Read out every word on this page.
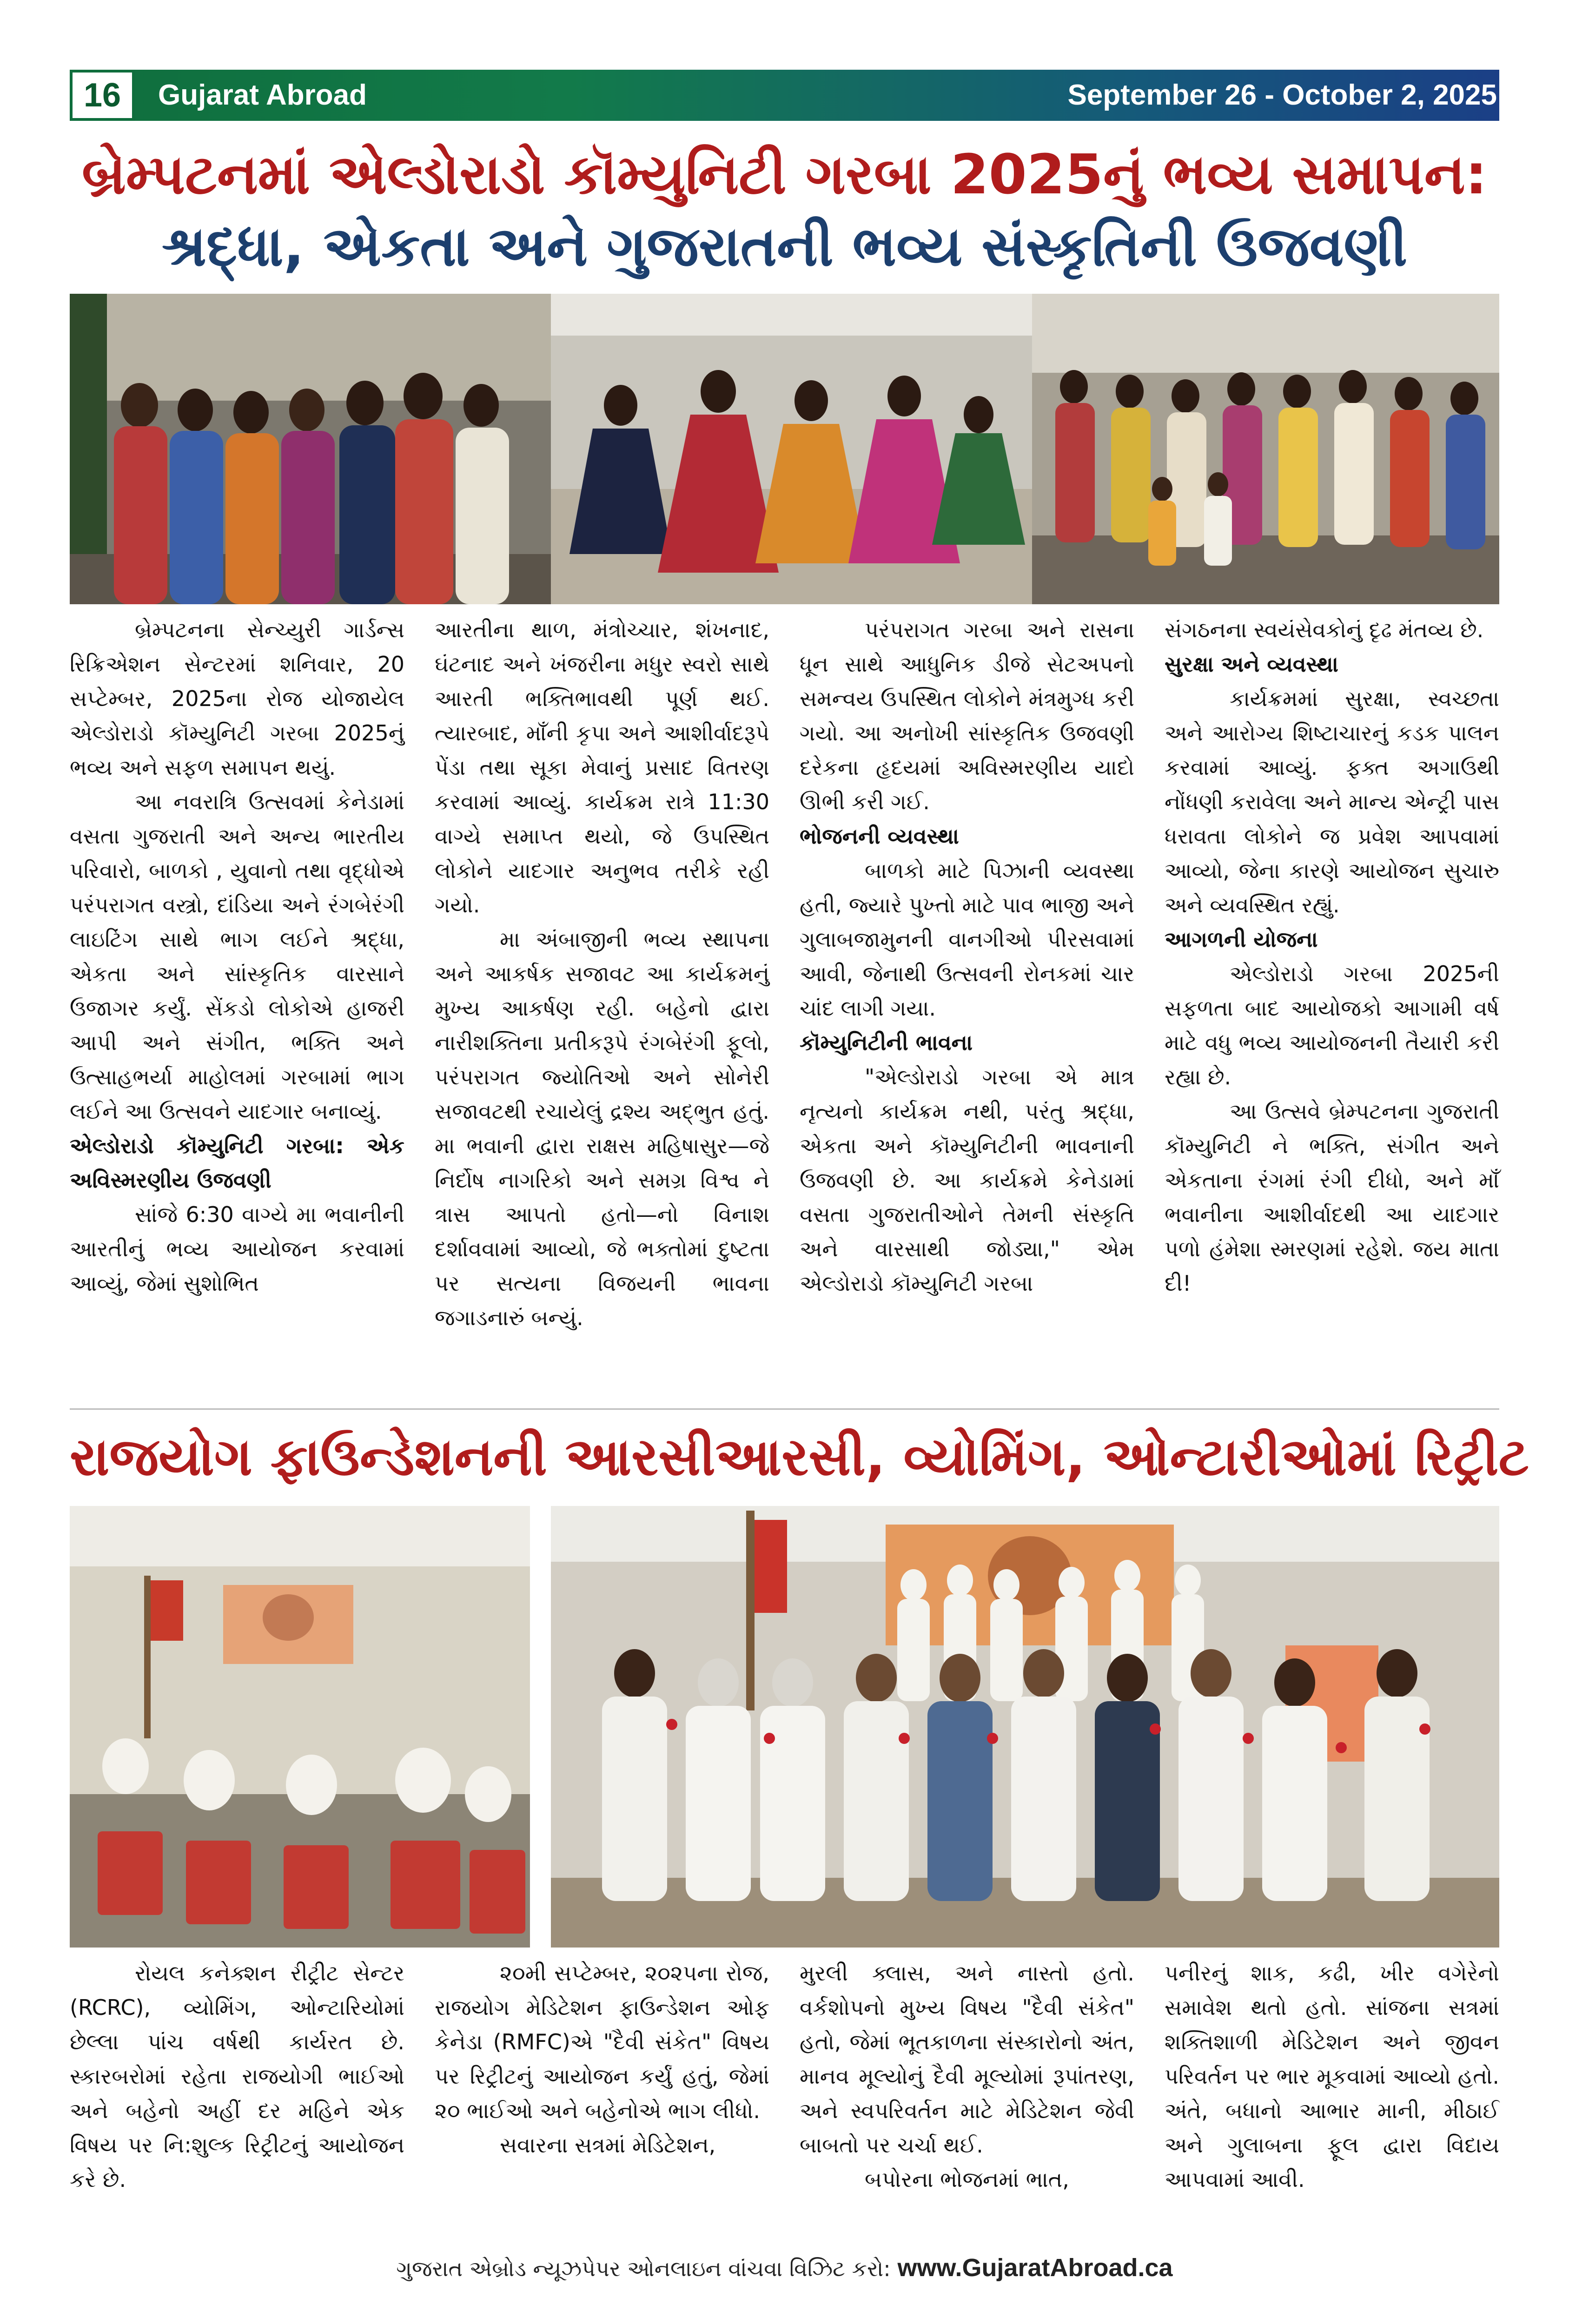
16	Gujarat Abroad	September 26 - October 2, 2025
બ્રેમ્પટનમાં એલ્ડોરાડો કૉમ્યુનિટી ગરબા 2025નું ભવ્ય સમાપન:
શ્રદ્ધા, એકતા અને ગુજરાતની ભવ્ય સંસ્કૃતિની ઉજવણી

બ્રેમ્પટનના સેન્ચ્યુરી ગાર્ડન્સ રિક્રિએશન સેન્ટરમાં શનિવાર, 20 સપ્ટેમ્બર, 2025ના રોજ યોજાયેલ એલ્ડોરાડો કૉમ્યુનિટી ગરબા 2025નું ભવ્ય અને સફળ સમાપન થયું.

આ નવરાત્રિ ઉત્સવમાં કેનેડામાં વસતા ગુજરાતી અને અન્ય ભારતીય પરિવારો, બાળકો , યુવાનો તથા વૃદ્ધોએ પરંપરાગત વસ્ત્રો, દાંડિયા અને રંગબેરંગી લાઇટિંગ સાથે ભાગ લઈને શ્રદ્ધા, એકતા અને સાંસ્કૃતિક વારસાને ઉજાગર કર્યું. સેંકડો લોકોએ હાજરી આપી અને સંગીત, ભક્તિ અને ઉત્સાહભર્યા માહોલમાં ગરબામાં ભાગ લઈને આ ઉત્સવને યાદગાર બનાવ્યું.

એલ્ડોરાડો કૉમ્યુનિટી ગરબા: એક અવિસ્મરણીય ઉજવણી

સાંજે 6:30 વાગ્યે મા ભવાનીની આરતીનું ભવ્ય આયોજન કરવામાં આવ્યું, જેમાં સુશોભિત

આરતીના થાળ, મંત્રોચ્ચાર, શંખનાદ, ઘંટનાદ અને ખંજરીના મધુર સ્વરો સાથે આરતી ભક્તિભાવથી પૂર્ણ થઈ. ત્યારબાદ, માઁની કૃપા અને આશીર્વાદરૂપે પેંડા તથા સૂકા મેવાનું પ્રસાદ વિતરણ કરવામાં આવ્યું. કાર્યક્રમ રાત્રે 11:30 વાગ્યે સમાપ્ત થયો, જે ઉપસ્થિત લોકોને યાદગાર અનુભવ તરીકે રહી ગયો.

મા અંબાજીની ભવ્ય સ્થાપના અને આકર્ષક સજાવટ આ કાર્યક્રમનું મુખ્ય આકર્ષણ રહી. બહેનો દ્વારા નારીશક્તિના પ્રતીકરૂપે રંગબેરંગી ફૂલો, પરંપરાગત જ્યોતિઓ અને સોનેરી સજાવટથી રચાયેલું દ્રશ્ય અદ્ભુત હતું. મા ભવાની દ્વારા રાક્ષસ મહિષાસુર—જે નિર્દોષ નાગરિકો અને સમગ્ર વિશ્વ ને ત્રાસ આપતો હતો—નો વિનાશ દર્શાવવામાં આવ્યો, જે ભક્તોમાં દુષ્ટતા પર સત્યના વિજયની ભાવના જગાડનારું બન્યું.

પરંપરાગત ગરબા અને રાસના ધૂન સાથે આધુનિક ડીજે સેટઅપનો સમન્વય ઉપસ્થિત લોકોને મંત્રમુગ્ધ કરી ગયો. આ અનોખી સાંસ્કૃતિક ઉજવણી દરેકના હૃદયમાં અવિસ્મરણીય યાદો ઊભી કરી ગઈ.

ભોજનની વ્યવસ્થા

બાળકો માટે પિઝાની વ્યવસ્થા હતી, જ્યારે પુખ્તો માટે પાવ ભાજી અને ગુલાબજામુનની વાનગીઓ પીરસવામાં આવી, જેનાથી ઉત્સવની રોનકમાં ચાર ચાંદ લાગી ગયા.

કૉમ્યુનિટીની ભાવના

"એલ્ડોરાડો ગરબા એ માત્ર નૃત્યનો કાર્યક્રમ નથી, પરંતુ શ્રદ્ધા, એકતા અને કૉમ્યુનિટીની ભાવનાની ઉજવણી છે. આ કાર્યક્રમે કેનેડામાં વસતા ગુજરાતીઓને તેમની સંસ્કૃતિ અને વારસાથી જોડ્યા," એમ એલ્ડોરાડો કૉમ્યુનિટી ગરબા

સંગઠનના સ્વયંસેવકોનું દૃઢ મંતવ્ય છે.

સુરક્ષા અને વ્યવસ્થા

કાર્યક્રમમાં સુરક્ષા, સ્વચ્છતા અને આરોગ્ય શિષ્ટાચારનું કડક પાલન કરવામાં આવ્યું. ફક્ત અગાઉથી નોંધણી કરાવેલા અને માન્ય એન્ટ્રી પાસ ધરાવતા લોકોને જ પ્રવેશ આપવામાં આવ્યો, જેના કારણે આયોજન સુચારુ અને વ્યવસ્થિત રહ્યું.

આગળની યોજના

એલ્ડોરાડો ગરબા 2025ની સફળતા બાદ આયોજકો આગામી વર્ષ માટે વધુ ભવ્ય આયોજનની તૈયારી કરી રહ્યા છે.

આ ઉત્સવે બ્રેમ્પટનના ગુજરાતી કૉમ્યુનિટી ને ભક્તિ, સંગીત અને એકતાના રંગમાં રંગી દીધો, અને માઁ ભવાનીના આશીર્વાદથી આ યાદગાર પળો હંમેશા સ્મરણમાં રહેશે. જય માતા દી!

રાજયોગ ફાઉન્ડેશનની આરસીઆરસી, વ્યોમિંગ, ઓન્ટારીઓમાં રિટ્રીટ

રોયલ કનેક્શન રીટ્રીટ સેન્ટર (RCRC), વ્યોમિંગ, ઓન્ટારિયોમાં છેલ્લા પાંચ વર્ષથી કાર્યરત છે. સ્કારબરોમાં રહેતા રાજયોગી ભાઈઓ અને બહેનો અહીં દર મહિને એક વિષય પર નિ:શુલ્ક રિટ્રીટનું આયોજન કરે છે.

૨૦મી સપ્ટેમ્બર, ૨૦૨૫ના રોજ, રાજયોગ મેડિટેશન ફાઉન્ડેશન ઓફ કેનેડા (RMFC)એ "દૈવી સંકેત" વિષય પર રિટ્રીટનું આયોજન કર્યું હતું, જેમાં ૨૦ ભાઈઓ અને બહેનોએ ભાગ લીધો.

સવારના સત્રમાં મેડિટેશન,

મુરલી ક્લાસ, અને નાસ્તો હતો. વર્કશોપનો મુખ્ય વિષય "દૈવી સંકેત" હતો, જેમાં ભૂતકાળના સંસ્કારોનો અંત, માનવ મૂલ્યોનું દૈવી મૂલ્યોમાં રૂપાંતરણ, અને સ્વપરિવર્તન માટે મેડિટેશન જેવી બાબતો પર ચર્ચા થઈ.

બપોરના ભોજનમાં ભાત,

પનીરનું શાક, કઢી, ખીર વગેરેનો સમાવેશ થતો હતો. સાંજના સત્રમાં શક્તિશાળી મેડિટેશન અને જીવન પરિવર્તન પર ભાર મૂકવામાં આવ્યો હતો. અંતે, બધાનો આભાર માની, મીઠાઈ અને ગુલાબના ફૂલ દ્વારા વિદાય આપવામાં આવી.

ગુજરાત એબ્રોડ ન્યૂઝપેપર ઓનલાઇન વાંચવા વિઝિટ કરો: www.GujaratAbroad.ca
